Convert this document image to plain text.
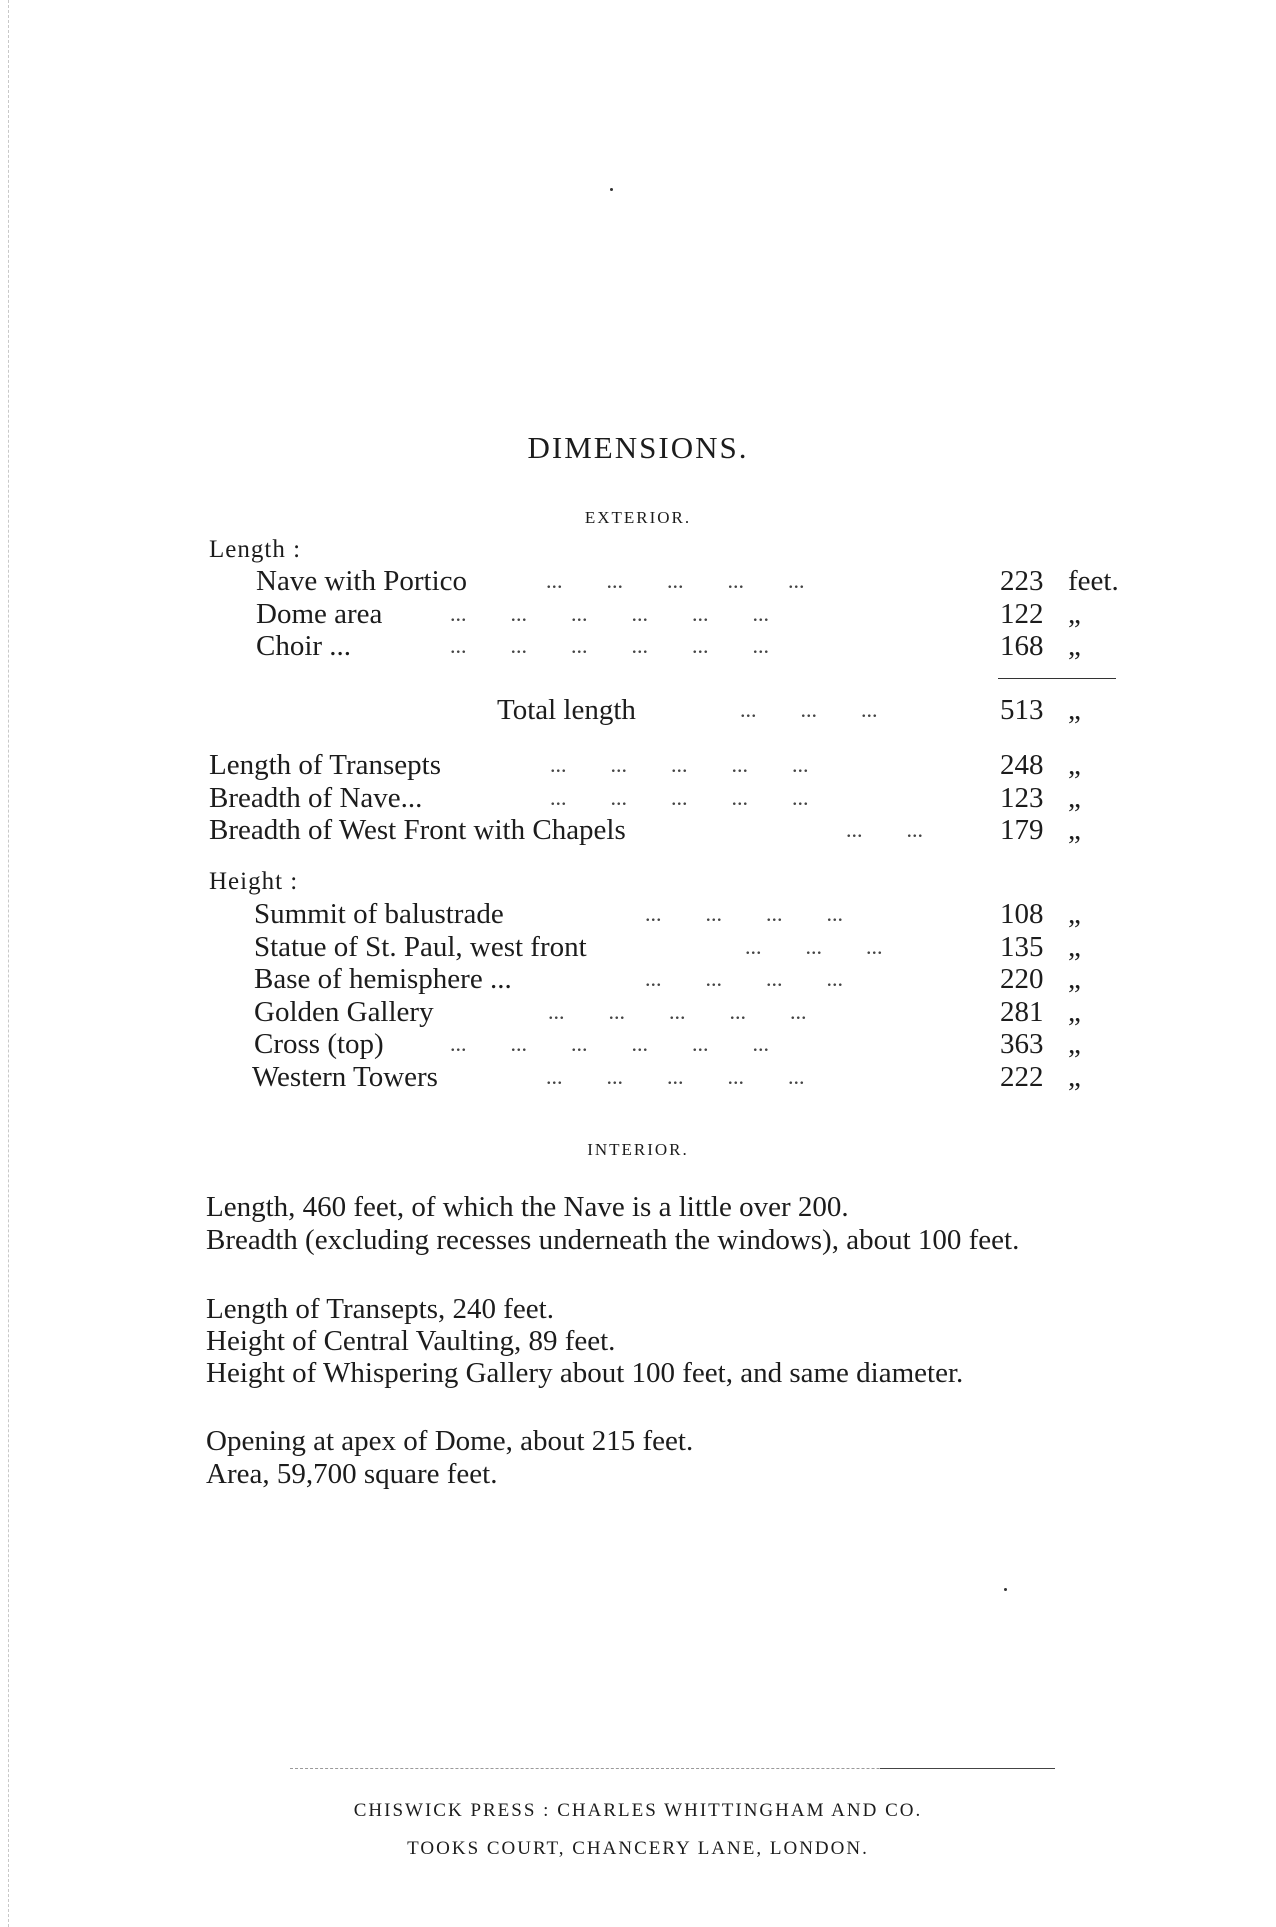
DIMENSIONS.
EXTERIOR.
Length :
Nave with Portico	...        ...        ...        ...        ...	223 feet.
Dome area	...        ...        ...        ...        ...        ...	122 „
Choir ...	...        ...        ...        ...        ...        ...	168 „
Total length	...        ...        ...	513 „
Length of Transepts	...        ...        ...        ...        ...	248 „
Breadth of Nave...	...        ...        ...        ...        ...	123 „
Breadth of West Front with Chapels	...        ...	179 „
Height :
Summit of balustrade	...        ...        ...        ...	108 „
Statue of St. Paul, west front	...        ...        ...	135 „
Base of hemisphere ...	...        ...        ...        ...	220 „
Golden Gallery	...        ...        ...        ...        ...	281 „
Cross (top)	...        ...        ...        ...        ...        ...	363 „
Western Towers	...        ...        ...        ...        ...	222 „
INTERIOR.

Length, 460 feet, of which the Nave is a little over 200.

Breadth (excluding recesses underneath the windows), about 100 feet.

Length of Transepts, 240 feet.

Height of Central Vaulting, 89 feet.

Height of Whispering Gallery about 100 feet, and same diameter.

Opening at apex of Dome, about 215 feet.

Area, 59,700 square feet.

CHISWICK PRESS : CHARLES WHITTINGHAM AND CO.

TOOKS COURT, CHANCERY LANE, LONDON.
